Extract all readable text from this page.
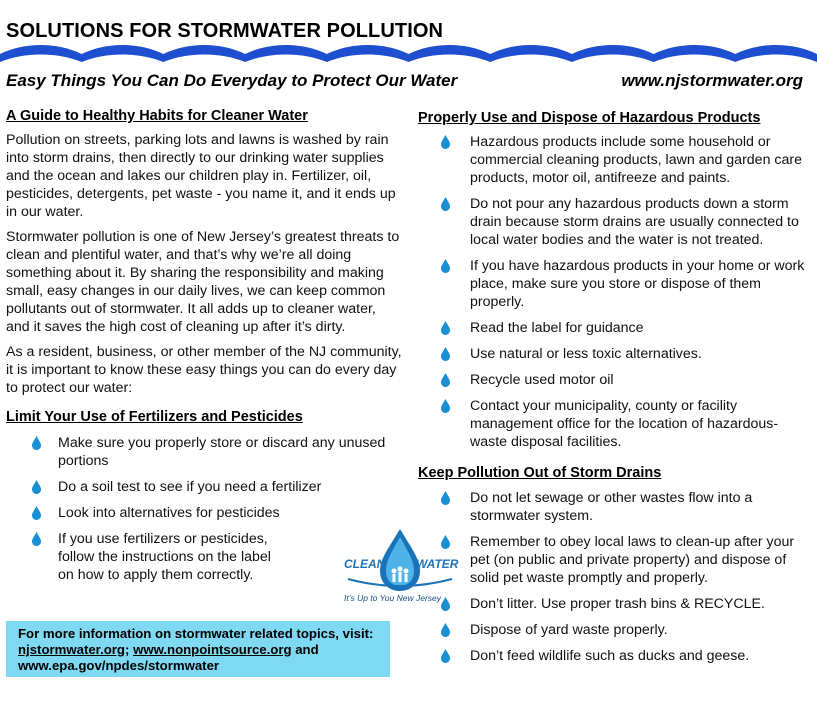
SOLUTIONS FOR STORMWATER POLLUTION
Easy Things You Can Do Everyday to Protect Our Water	www.njstormwater.org
A Guide to Healthy Habits for Cleaner Water

Pollution on streets, parking lots and lawns is washed by rain into storm drains, then directly to our drinking water supplies and the ocean and lakes our children play in. Fertilizer, oil, pesticides, detergents, pet waste - you name it, and it ends up in our water.

Stormwater pollution is one of New Jersey’s greatest threats to clean and plentiful water, and that’s why we’re all doing something about it. By sharing the responsibility and making small, easy changes in our daily lives, we can keep common pollutants out of stormwater. It all adds up to cleaner water, and it saves the high cost of cleaning up after it’s dirty.

As a resident, business, or other member of the NJ community, it is important to know these easy things you can do every day to protect our water:

Limit Your Use of Fertilizers and Pesticides
Make sure you properly store or discard any unused portions
Do a soil test to see if you need a fertilizer
Look into alternatives for pesticides
If you use fertilizers or pesticides, follow the instructions on the label on how to apply them correctly.
CLEAN	WATER
It’s Up to You New Jersey
For more information on stormwater related topics, visit:
njstormwater.org; www.nonpointsource.org and
www.epa.gov/npdes/stormwater
Properly Use and Dispose of Hazardous Products
Hazardous products include some household or commercial cleaning products, lawn and garden care products, motor oil, antifreeze and paints.
Do not pour any hazardous products down a storm drain because storm drains are usually connected to local water bodies and the water is not treated.
If you have hazardous products in your home or work place, make sure you store or dispose of them properly.
Read the label for guidance
Use natural or less toxic alternatives.
Recycle used motor oil
Contact your municipality, county or facility management office for the location of hazardous-waste disposal facilities.
Keep Pollution Out of Storm Drains
Do not let sewage or other wastes flow into a stormwater system.
Remember to obey local laws to clean-up after your pet (on public and private property) and dispose of solid pet waste promptly and properly.
Don’t litter. Use proper trash bins & RECYCLE.
Dispose of yard waste properly.
Don’t feed wildlife such as ducks and geese.
